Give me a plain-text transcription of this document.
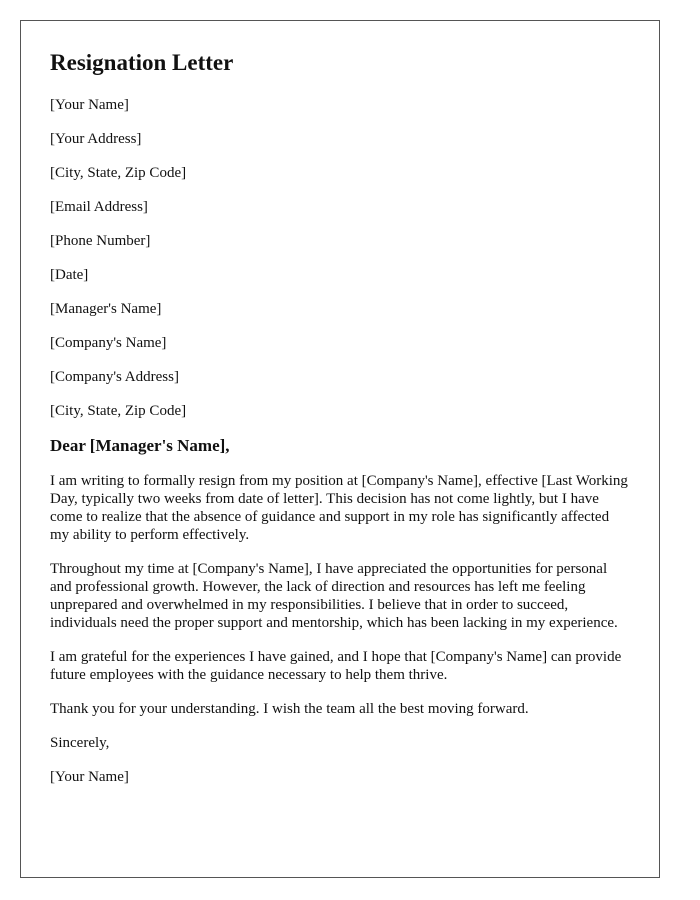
Resignation Letter

[Your Name]

[Your Address]

[City, State, Zip Code]

[Email Address]

[Phone Number]

[Date]

[Manager's Name]

[Company's Name]

[Company's Address]

[City, State, Zip Code]

Dear [Manager's Name],

I am writing to formally resign from my position at [Company's Name], effective [Last Working Day, typically two weeks from date of letter]. This decision has not come lightly, but I have come to realize that the absence of guidance and support in my role has significantly affected my ability to perform effectively.

Throughout my time at [Company's Name], I have appreciated the opportunities for personal and professional growth. However, the lack of direction and resources has left me feeling unprepared and overwhelmed in my responsibilities. I believe that in order to succeed, individuals need the proper support and mentorship, which has been lacking in my experience.

I am grateful for the experiences I have gained, and I hope that [Company's Name] can provide future employees with the guidance necessary to help them thrive.

Thank you for your understanding. I wish the team all the best moving forward.

Sincerely,

[Your Name]
